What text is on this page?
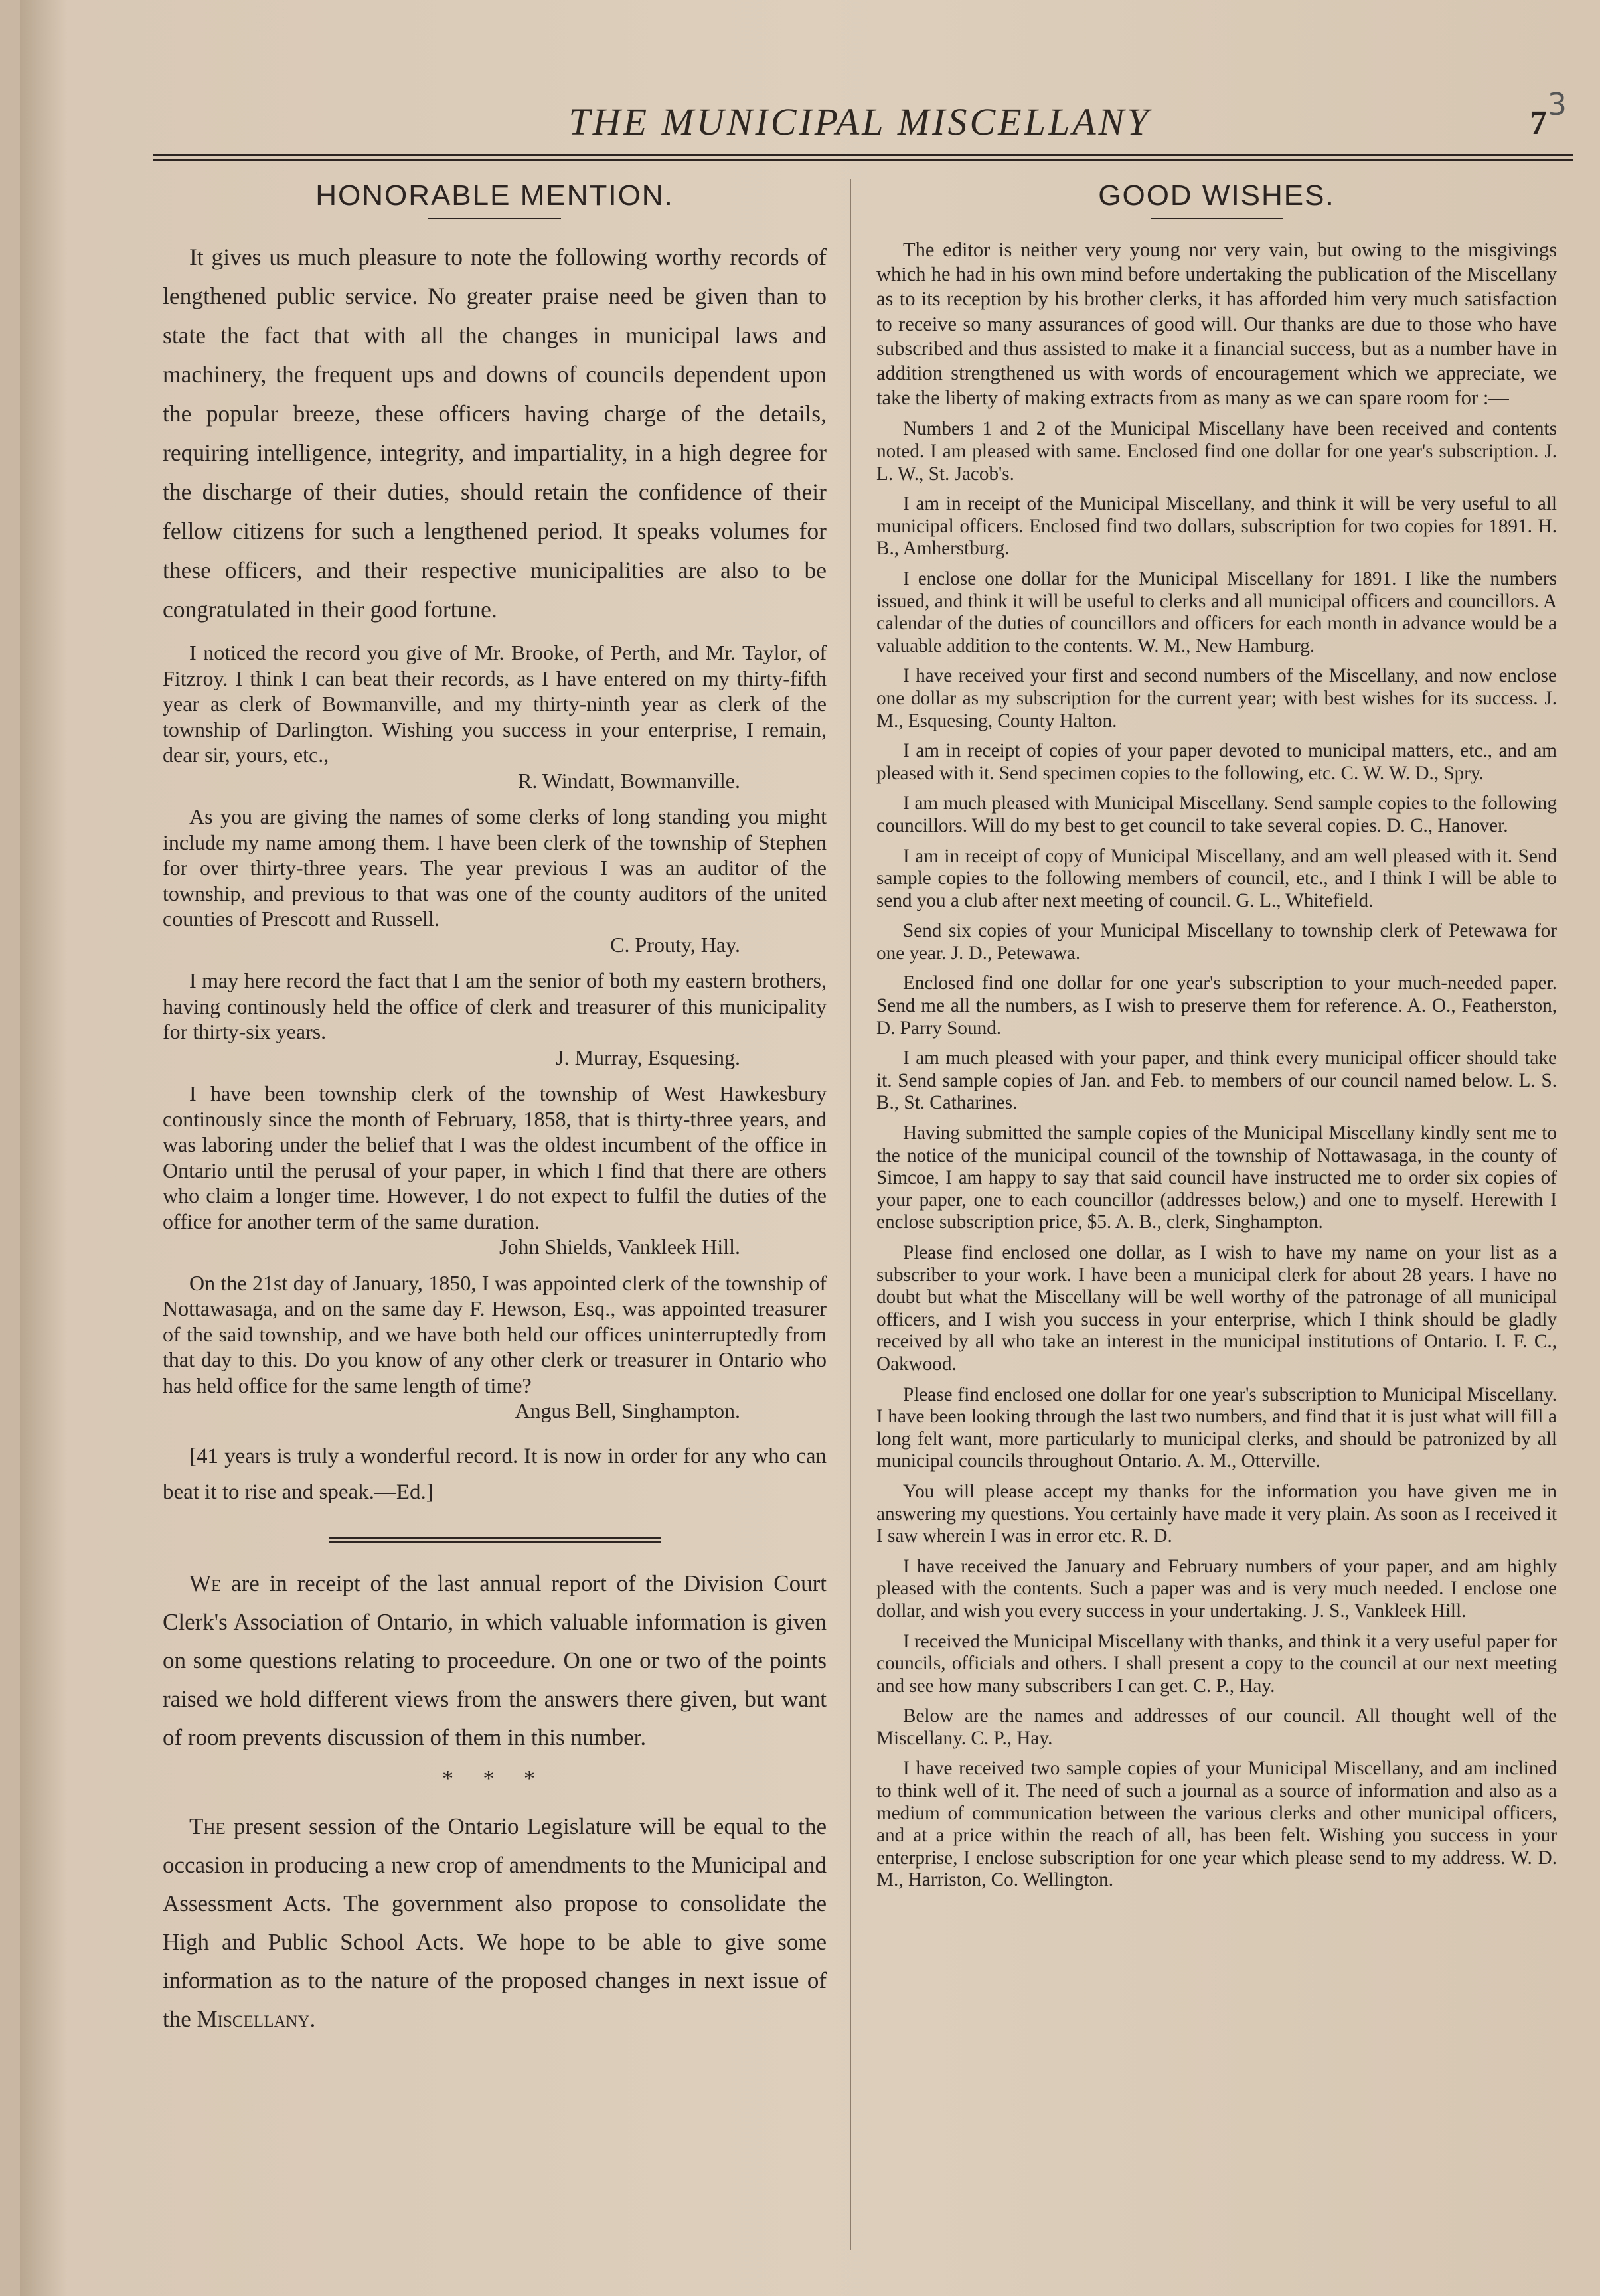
THE MUNICIPAL MISCELLANY	7 3
HONORABLE MENTION.

It gives us much pleasure to note the following worthy records of lengthened public service. No greater praise need be given than to state the fact that with all the changes in municipal laws and machinery, the frequent ups and downs of councils dependent upon the popular breeze, these officers having charge of the details, requiring intelligence, integrity, and impartiality, in a high degree for the discharge of their duties, should retain the confidence of their fellow citizens for such a lengthened period. It speaks volumes for these officers, and their respective municipalities are also to be congratulated in their good fortune.

I noticed the record you give of Mr. Brooke, of Perth, and Mr. Taylor, of Fitzroy. I think I can beat their records, as I have entered on my thirty-fifth year as clerk of Bowmanville, and my thirty-ninth year as clerk of the township of Darlington. Wishing you success in your enterprise, I remain, dear sir, yours, etc.,
R. Windatt, Bowmanville.

As you are giving the names of some clerks of long standing you might include my name among them. I have been clerk of the township of Stephen for over thirty-three years. The year previous I was an auditor of the township, and previous to that was one of the county auditors of the united counties of Prescott and Russell.
C. Prouty, Hay.

I may here record the fact that I am the senior of both my eastern brothers, having continously held the office of clerk and treasurer of this municipality for thirty-six years.
J. Murray, Esquesing.

I have been township clerk of the township of West Hawkesbury continously since the month of February, 1858, that is thirty-three years, and was laboring under the belief that I was the oldest incumbent of the office in Ontario until the perusal of your paper, in which I find that there are others who claim a longer time. However, I do not expect to fulfil the duties of the office for another term of the same duration.
John Shields, Vankleek Hill.

On the 21st day of January, 1850, I was appointed clerk of the township of Nottawasaga, and on the same day F. Hewson, Esq., was appointed treasurer of the said township, and we have both held our offices uninterruptedly from that day to this. Do you know of any other clerk or treasurer in Ontario who has held office for the same length of time?
Angus Bell, Singhampton.

[41 years is truly a wonderful record. It is now in order for any who can beat it to rise and speak.—Ed.]

We are in receipt of the last annual report of the Division Court Clerk's Association of Ontario, in which valuable information is given on some questions relating to proceedure. On one or two of the points raised we hold different views from the answers there given, but want of room prevents discussion of them in this number.

* * *

The present session of the Ontario Legislature will be equal to the occasion in producing a new crop of amendments to the Municipal and Assessment Acts. The government also propose to consolidate the High and Public School Acts. We hope to be able to give some information as to the nature of the proposed changes in next issue of the Miscellany.

GOOD WISHES.

The editor is neither very young nor very vain, but owing to the misgivings which he had in his own mind before undertaking the publication of the Miscellany as to its reception by his brother clerks, it has afforded him very much satisfaction to receive so many assurances of good will. Our thanks are due to those who have subscribed and thus assisted to make it a financial success, but as a number have in addition strengthened us with words of encouragement which we appreciate, we take the liberty of making extracts from as many as we can spare room for :—

Numbers 1 and 2 of the Municipal Miscellany have been received and contents noted. I am pleased with same. Enclosed find one dollar for one year's subscription. J. L. W., St. Jacob's.

I am in receipt of the Municipal Miscellany, and think it will be very useful to all municipal officers. Enclosed find two dollars, subscription for two copies for 1891. H. B., Amherstburg.

I enclose one dollar for the Municipal Miscellany for 1891. I like the numbers issued, and think it will be useful to clerks and all municipal officers and councillors. A calendar of the duties of councillors and officers for each month in advance would be a valuable addition to the contents. W. M., New Hamburg.

I have received your first and second numbers of the Miscellany, and now enclose one dollar as my subscription for the current year; with best wishes for its success. J. M., Esquesing, County Halton.

I am in receipt of copies of your paper devoted to municipal matters, etc., and am pleased with it. Send specimen copies to the following, etc. C. W. W. D., Spry.

I am much pleased with Municipal Miscellany. Send sample copies to the following councillors. Will do my best to get council to take several copies. D. C., Hanover.

I am in receipt of copy of Municipal Miscellany, and am well pleased with it. Send sample copies to the following members of council, etc., and I think I will be able to send you a club after next meeting of council. G. L., Whitefield.

Send six copies of your Municipal Miscellany to township clerk of Petewawa for one year. J. D., Petewawa.

Enclosed find one dollar for one year's subscription to your much-needed paper. Send me all the numbers, as I wish to preserve them for reference. A. O., Featherston, D. Parry Sound.

I am much pleased with your paper, and think every municipal officer should take it. Send sample copies of Jan. and Feb. to members of our council named below. L. S. B., St. Catharines.

Having submitted the sample copies of the Municipal Miscellany kindly sent me to the notice of the municipal council of the township of Nottawasaga, in the county of Simcoe, I am happy to say that said council have instructed me to order six copies of your paper, one to each councillor (addresses below,) and one to myself. Herewith I enclose subscription price, $5. A. B., clerk, Singhampton.

Please find enclosed one dollar, as I wish to have my name on your list as a subscriber to your work. I have been a municipal clerk for about 28 years. I have no doubt but what the Miscellany will be well worthy of the patronage of all municipal officers, and I wish you success in your enterprise, which I think should be gladly received by all who take an interest in the municipal institutions of Ontario. I. F. C., Oakwood.

Please find enclosed one dollar for one year's subscription to Municipal Miscellany. I have been looking through the last two numbers, and find that it is just what will fill a long felt want, more particularly to municipal clerks, and should be patronized by all municipal councils throughout Ontario. A. M., Otterville.

You will please accept my thanks for the information you have given me in answering my questions. You certainly have made it very plain. As soon as I received it I saw wherein I was in error etc. R. D.

I have received the January and February numbers of your paper, and am highly pleased with the contents. Such a paper was and is very much needed. I enclose one dollar, and wish you every success in your undertaking. J. S., Vankleek Hill.

I received the Municipal Miscellany with thanks, and think it a very useful paper for councils, officials and others. I shall present a copy to the council at our next meeting and see how many subscribers I can get. C. P., Hay.

Below are the names and addresses of our council. All thought well of the Miscellany. C. P., Hay.

I have received two sample copies of your Municipal Miscellany, and am inclined to think well of it. The need of such a journal as a source of information and also as a medium of communication between the various clerks and other municipal officers, and at a price within the reach of all, has been felt. Wishing you success in your enterprise, I enclose subscription for one year which please send to my address. W. D. M., Harriston, Co. Wellington.
